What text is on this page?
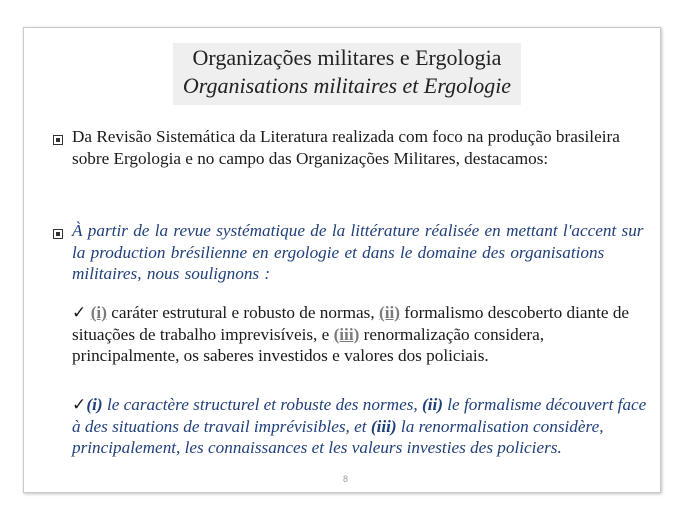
Organizações militares e Ergologia
Organisations militaires et Ergologie
Da Revisão Sistemática da Literatura realizada com foco na produção brasileira sobre Ergologia e no campo das Organizações Militares, destacamos:
À partir de la revue systématique de la littérature réalisée en mettant l'accent sur la production brésilienne en ergologie et dans le domaine des organisations militaires, nous soulignons :
✓ (i) caráter estrutural e robusto de normas, (ii) formalismo descoberto diante de situações de trabalho imprevisíveis, e (iii) renormalização considera, principalmente, os saberes investidos e valores dos policiais.
✓(i) le caractère structurel et robuste des normes, (ii) le formalisme découvert face à des situations de travail imprévisibles, et (iii) la renormalisation considère, principalement, les connaissances et les valeurs investies des policiers.
8
